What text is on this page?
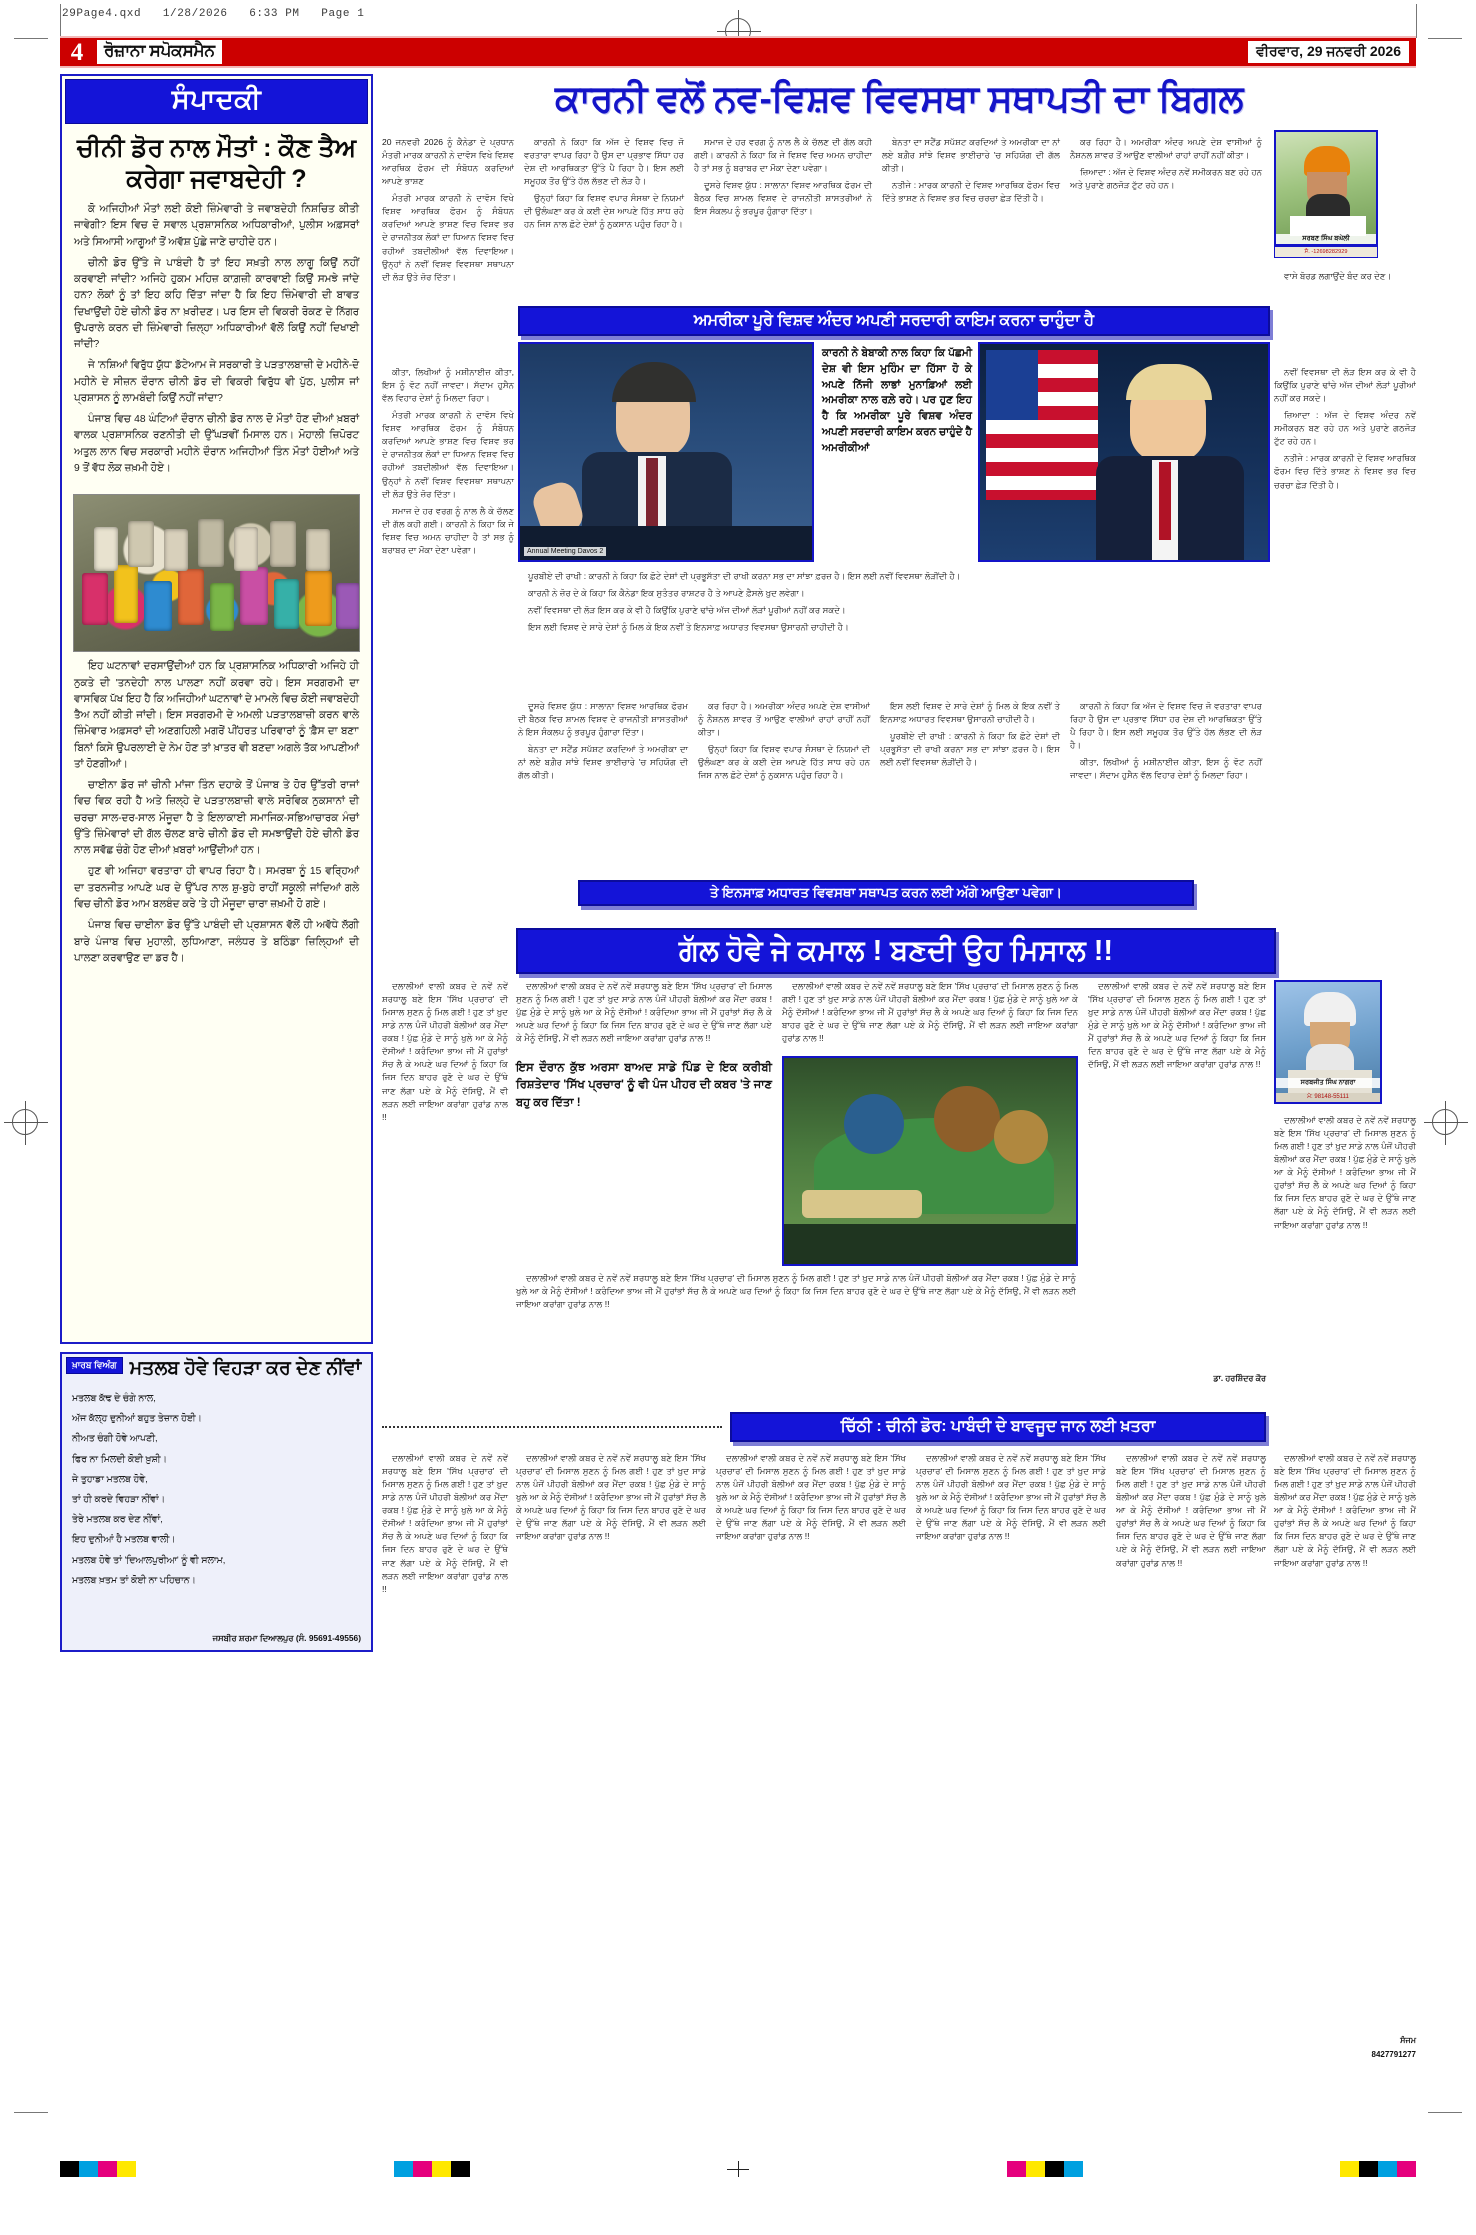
29Page4.qxd   1/28/2026   6:33 PM   Page 1
4	ਰੋਜ਼ਾਨਾ ਸਪੋਕਸਮੈਨ	ਵੀਰਵਾਰ, 29 ਜਨਵਰੀ 2026
ਸੰਪਾਦਕੀ
ਚੀਨੀ ਡੋਰ ਨਾਲ ਮੌਤਾਂ : ਕੌਣ ਤੈਅ ਕਰੇਗਾ ਜਵਾਬਦੇਹੀ ?

ਕੋ ਅਜਿਹੀਆਂ ਮੌਤਾਂ ਲਈ ਕੋਈ ਜ਼ਿੰਮੇਵਾਰੀ ਤੇ ਜਵਾਬਦੇਹੀ ਨਿਸ਼ਚਿਤ ਕੀਤੀ ਜਾਵੇਗੀ? ਇਸ ਵਿਚ ਦੋ ਸਵਾਲ ਪ੍ਰਸ਼ਾਸਨਿਕ ਅਧਿਕਾਰੀਆਂ, ਪੁਲੀਸ ਅਫ਼ਸਰਾਂ ਅਤੇ ਸਿਆਸੀ ਆਗੂਆਂ ਤੋਂ ਅਵੱਸ਼ ਪੁੱਛੇ ਜਾਣੇ ਚਾਹੀਦੇ ਹਨ।

ਚੀਨੀ ਡੋਰ ਉੱਤੇ ਜੇ ਪਾਬੰਦੀ ਹੈ ਤਾਂ ਇਹ ਸਖ਼ਤੀ ਨਾਲ ਲਾਗੂ ਕਿਉਂ ਨਹੀਂ ਕਰਵਾਈ ਜਾਂਦੀ? ਅਜਿਹੇ ਹੁਕਮ ਮਹਿਜ਼ ਕਾਗ਼ਜ਼ੀ ਕਾਰਵਾਈ ਕਿਉਂ ਸਮਝੇ ਜਾਂਦੇ ਹਨ? ਲੋਕਾਂ ਨੂੰ ਤਾਂ ਇਹ ਕਹਿ ਦਿੱਤਾ ਜਾਂਦਾ ਹੈ ਕਿ ਇਹ ਜ਼ਿੰਮੇਵਾਰੀ ਦੀ ਬਾਵਤ ਦਿਖਾਉਂਦੀ ਹੋਏ ਚੀਨੀ ਡੋਰ ਨਾ ਖ਼ਰੀਦਣ। ਪਰ ਇਸ ਦੀ ਵਿਕਰੀ ਰੋਕਣ ਦੇ ਨਿੱਗਰ ਉਪਰਾਲੇ ਕਰਨ ਦੀ ਜ਼ਿੰਮੇਵਾਰੀ ਜ਼ਿਲ੍ਹਾ ਅਧਿਕਾਰੀਆਂ ਵੱਲੋਂ ਕਿਉਂ ਨਹੀਂ ਦਿਖਾਈ ਜਾਂਦੀ?

ਜੇ 'ਨਸ਼ਿਆਂ ਵਿਰੁੱਧ ਯੁੱਧ' ਡੱਟੇਆਮ ਜੇ ਸਰਕਾਰੀ ਤੇ ਪੜਤਾਲਬਾਜ਼ੀ ਦੇ ਮਹੀਨੇ-ਦੋ ਮਹੀਨੇ ਦੇ ਸੀਜ਼ਨ ਦੌਰਾਨ ਚੀਨੀ ਡੋਰ ਦੀ ਵਿਕਰੀ ਵਿਰੁੱਧ ਵੀ ਪੁੱਠ, ਪੁਲੀਸ ਜਾਂ ਪ੍ਰਸ਼ਾਸਨ ਨੂੰ ਲਾਮਬੰਦੀ ਕਿਉਂ ਨਹੀਂ ਜਾਂਦਾ?

ਪੰਜਾਬ ਵਿਚ 48 ਘੰਟਿਆਂ ਦੌਰਾਨ ਚੀਨੀ ਡੋਰ ਨਾਲ ਦੋ ਮੌਤਾਂ ਹੋਣ ਦੀਆਂ ਖ਼ਬਰਾਂ ਵਾਲਕ ਪ੍ਰਸ਼ਾਸਨਿਕ ਰਣਨੀਤੀ ਦੀ ਉੱਘੜਵੀਂ ਮਿਸਾਲ ਹਨ। ਮੋਹਾਲੀ ਜ਼ਿਪੋਰਟ ਅਤੁਲ ਲਾਨ ਵਿਚ ਸਰਕਾਰੀ ਮਹੀਨੇ ਦੌਰਾਨ ਅਜਿਹੀਆਂ ਤਿੰਨ ਮੌਤਾਂ ਹੋਈਆਂ ਅਤੇ 9 ਤੋਂ ਵੱਧ ਲੋਕ ਜ਼ਖ਼ਮੀ ਹੋਏ।

ਇਹ ਘਟਨਾਵਾਂ ਦਰਸਾਉਂਦੀਆਂ ਹਨ ਕਿ ਪ੍ਰਸ਼ਾਸਨਿਕ ਅਧਿਕਾਰੀ ਅਜਿਹੇ ਹੀ ਨੁਕਤੇ ਦੀ 'ਤਨਦੇਹੀ' ਨਾਲ ਪਾਲਣਾ ਨਹੀਂ ਕਰਵਾ ਰਹੇ। ਇਸ ਸਰਗਰਮੀ ਦਾ ਵਾਸਵਿਕ ਪੱਖ ਇਹ ਹੈ ਕਿ ਅਜਿਹੀਆਂ ਘਟਨਾਵਾਂ ਦੇ ਮਾਮਲੇ ਵਿਚ ਕੋਈ ਜਵਾਬਦੇਹੀ ਤੈਅ ਨਹੀਂ ਕੀਤੀ ਜਾਂਦੀ। ਇਸ ਸਰਗਰਮੀ ਦੇ ਅਮਲੀ ਪੜਤਾਲਬਾਜ਼ੀ ਕਰਨ ਵਾਲੇ ਜ਼ਿੰਮੇਵਾਰ ਅਫ਼ਸਰਾਂ ਦੀ ਅਣਗਹਿਲੀ ਮਗਰੋਂ ਪੀਂਹਰਤ ਪਰਿਵਾਰਾਂ ਨੂੰ 'ਫ਼ੈਸ ਦਾ ਬਣਾ' ਬਿਨਾਂ ਕਿਸੇ ਉਪਰਲਾਈ ਦੇ ਨੇਮ ਹੋਣ ਤਾਂ ਖ਼ਾਤਰ ਵੀ ਬਣਦਾ ਅਗਲੇ ਤੱਕ ਆਪਣੀਆਂ ਤਾਂ ਹੋਣਗੀਆਂ।

ਚਾਈਨਾ ਡੋਰ ਜਾਂ ਚੀਨੀ ਮਾਂਜਾ ਤਿੰਨ ਦਹਾਕੇ ਤੋਂ ਪੰਜਾਬ ਤੇ ਹੋਰ ਉੱਤਰੀ ਰਾਜਾਂ ਵਿਚ ਵਿਕ ਰਹੀ ਹੈ ਅਤੇ ਜ਼ਿਲ੍ਹੇ ਦੇ ਪੜਤਾਲਬਾਜ਼ੀ ਵਾਲੇ ਸਰੋਵਿਕ ਨੁਕਸਾਨਾਂ ਦੀ ਚਰਚਾ ਸਾਲ-ਦਰ-ਸਾਲ ਮੌਜੂਦਾ ਹੈ ਤੇ ਇਲਾਕਾਈ ਸਮਾਜਿਕ-ਸਭਿਆਚਾਰਕ ਮੰਚਾਂ ਉੱਤੇ ਜ਼ਿੰਮੇਵਾਰਾਂ ਦੀ ਗੱਲ ਚੱਲਣ ਬਾਰੇ ਚੀਨੀ ਡੋਰ ਦੀ ਸਮਝਾਉਂਦੀ ਹੋਏ ਚੀਨੀ ਡੋਰ ਨਾਲ ਸਵੱਛ ਚੰਗੇ ਹੋਣ ਦੀਆਂ ਖ਼ਬਰਾਂ ਆਉਂਦੀਆਂ ਹਨ।

ਹੁਣ ਵੀ ਅਜਿਹਾ ਵਰਤਾਰਾ ਹੀ ਵਾਪਰ ਰਿਹਾ ਹੈ। ਸਮਰਥਾ ਨੂੰ 15 ਵਰ੍ਹਿਆਂ ਦਾ ਤਰਨਜੀਤ ਆਪਣੇ ਘਰ ਦੇ ਉੱਪਰ ਨਾਲ ਸ਼ੁ-ਬੁਹੇ ਰਾਹੀਂ ਸਕੂਲੀ ਜਾਂਦਿਆਂ ਗਲੇ ਵਿਚ ਚੀਨੀ ਡੋਰ ਆਮ ਬਲਬੰਦ ਕਰੇ 'ਤੇ ਹੀ ਮੌਜੂਦਾ ਚਾਰਾ ਜ਼ਖ਼ਮੀ ਹੋ ਗਏ।

ਪੰਜਾਬ ਵਿਚ ਚਾਈਨਾ ਡੋਰ ਉੱਤੇ ਪਾਬੰਦੀ ਦੀ ਪ੍ਰਸ਼ਾਸਨ ਵੱਲੋਂ ਹੀ ਅਵੱਧੇ ਲੱਗੀ ਬਾਰੇ ਪੰਜਾਬ ਵਿਚ ਮੁਹਾਲੀ, ਲੁਧਿਆਣਾ, ਜਲੰਧਰ ਤੇ ਬਠਿੰਡਾ ਜ਼ਿਲ੍ਹਿਆਂ ਦੀ ਪਾਲਣਾ ਕਰਵਾਉਣ ਦਾ ਡਰ ਹੈ।

ਖ਼ਾਰਬ ਵਿਅੰਗ ਮਤਲਬ ਹੋਵੇ ਵਿਹੜਾ ਕਰ ਦੇਣ ਨੀਂਵਾਂ

ਮਤਲਬ ਕੱਢ ਦੇ ਚੰਗੇ ਨਾਲ,

ਅੱਜ ਕੱਲ੍ਹ ਦੁਨੀਆਂ ਬਹੁਤ ਤੇਜ਼ਾਨ ਹੋਈ।

ਨੀਅਤ ਚੰਗੀ ਹੋਵੇ ਆਪਣੀ,

ਫਿਰ ਨਾ ਮਿਲਦੀ ਕੋਈ ਖ਼ੁਸ਼ੀ।

ਜੇ ਤੁਹਾਡਾ ਮਤਲਬ ਹੋਵੇ,

ਤਾਂ ਹੀ ਕਰਦੇ ਵਿਹੜਾ ਨੀਂਵਾਂ।

ਤੇਰੇ ਮਤਲਬ ਕਰ ਦੇਣ ਨੀਂਵਾਂ,

ਇਹ ਦੁਨੀਆਂ ਹੈ ਮਤਲਬ ਵਾਲੀ।

ਮਤਲਬ ਹੋਵੇ ਤਾਂ 'ਦਿਆਲਪੁਰੀਆ' ਨੂੰ ਵੀ ਸਲਾਮ,

ਮਤਲਬ ਖ਼ਤਮ ਤਾਂ ਕੋਈ ਨਾ ਪਹਿਚਾਨ।

ਜਸਬੀਰ ਸ਼ਰਮਾ ਦਿਆਲਪੁਰ (ਸੰ. 95691-49556)
ਕਾਰਨੀ ਵਲੋਂ ਨਵ-ਵਿਸ਼ਵ ਵਿਵਸਥਾ ਸਥਾਪਤੀ ਦਾ ਬਿਗਲ
ਸਰਬਣ ਸਿੰਘ ਬਘੇਲੀ
ਸੰ. -12698282929

20 ਜਨਵਰੀ 2026 ਨੂੰ ਕੈਨੇਡਾ ਦੇ ਪ੍ਰਧਾਨ ਮੰਤਰੀ ਮਾਰਕ ਕਾਰਨੀ ਨੇ ਦਾਵੋਸ ਵਿਖੇ ਵਿਸ਼ਵ ਆਰਥਿਕ ਫੋਰਮ ਦੀ ਸੰਬੋਧਨ ਕਰਦਿਆਂ ਆਪਣੇ ਭਾਸ਼ਣ

ਮੰਤਰੀ ਮਾਰਕ ਕਾਰਨੀ ਨੇ ਦਾਵੋਸ ਵਿਖੇ ਵਿਸ਼ਵ ਆਰਥਿਕ ਫੋਰਮ ਨੂੰ ਸੰਬੋਧਨ ਕਰਦਿਆਂ ਆਪਣੇ ਭਾਸ਼ਣ ਵਿਚ ਵਿਸ਼ਵ ਭਰ ਦੇ ਰਾਜਨੀਤਕ ਲੋਕਾਂ ਦਾ ਧਿਆਨ ਵਿਸ਼ਵ ਵਿਚ ਰਹੀਆਂ ਤਬਦੀਲੀਆਂ ਵੱਲ ਦਿਵਾਇਆ। ਉਨ੍ਹਾਂ ਨੇ ਨਵੀਂ ਵਿਸ਼ਵ ਵਿਵਸਥਾ ਸਥਾਪਨਾ ਦੀ ਲੋੜ ਉਤੇ ਜ਼ੋਰ ਦਿੱਤਾ।

ਕਾਰਨੀ ਨੇ ਕਿਹਾ ਕਿ ਅੱਜ ਦੇ ਵਿਸ਼ਵ ਵਿਚ ਜੋ ਵਰਤਾਰਾ ਵਾਪਰ ਰਿਹਾ ਹੈ ਉਸ ਦਾ ਪ੍ਰਭਾਵ ਸਿੱਧਾ ਹਰ ਦੇਸ਼ ਦੀ ਆਰਥਿਕਤਾ ਉੱਤੇ ਪੈ ਰਿਹਾ ਹੈ। ਇਸ ਲਈ ਸਮੂਹਕ ਤੌਰ ਉੱਤੇ ਹੱਲ ਲੱਭਣ ਦੀ ਲੋੜ ਹੈ।

ਉਨ੍ਹਾਂ ਕਿਹਾ ਕਿ ਵਿਸ਼ਵ ਵਪਾਰ ਸੰਸਥਾ ਦੇ ਨਿਯਮਾਂ ਦੀ ਉਲੰਘਣਾ ਕਰ ਕੇ ਕਈ ਦੇਸ਼ ਆਪਣੇ ਹਿੱਤ ਸਾਧ ਰਹੇ ਹਨ ਜਿਸ ਨਾਲ ਛੋਟੇ ਦੇਸ਼ਾਂ ਨੂੰ ਨੁਕਸਾਨ ਪਹੁੰਚ ਰਿਹਾ ਹੈ।

ਸਮਾਜ ਦੇ ਹਰ ਵਰਗ ਨੂੰ ਨਾਲ ਲੈ ਕੇ ਚੱਲਣ ਦੀ ਗੱਲ ਕਹੀ ਗਈ। ਕਾਰਨੀ ਨੇ ਕਿਹਾ ਕਿ ਜੇ ਵਿਸ਼ਵ ਵਿਚ ਅਮਨ ਚਾਹੀਦਾ ਹੈ ਤਾਂ ਸਭ ਨੂੰ ਬਰਾਬਰ ਦਾ ਮੌਕਾ ਦੇਣਾ ਪਵੇਗਾ।

ਦੂਸਰੇ ਵਿਸ਼ਵ ਯੁੱਧ : ਸਾਲਾਨਾ ਵਿਸ਼ਵ ਆਰਥਿਕ ਫੋਰਮ ਦੀ ਬੈਠਕ ਵਿਚ ਸ਼ਾਮਲ ਵਿਸ਼ਵ ਦੇ ਰਾਜਨੀਤੀ ਸ਼ਾਸਤਰੀਆਂ ਨੇ ਇਸ ਸੰਕਲਪ ਨੂੰ ਭਰਪੂਰ ਹੁੰਗਾਰਾ ਦਿੱਤਾ।

ਬੇਨਤਾ ਦਾ ਸਟੈਂਡ ਸਪੱਸ਼ਟ ਕਰਦਿਆਂ ਤੇ ਅਮਰੀਕਾ ਦਾ ਨਾਂ ਲਏ ਬਗ਼ੈਰ ਸਾਂਝੇ ਵਿਸ਼ਵ ਭਾਈਚਾਰੇ 'ਚ ਸਹਿਯੋਗ ਦੀ ਗੱਲ ਕੀਤੀ।

ਨਤੀਜੇ : ਮਾਰਕ ਕਾਰਨੀ ਦੇ ਵਿਸ਼ਵ ਆਰਥਿਕ ਫੋਰਮ ਵਿਚ ਦਿੱਤੇ ਭਾਸ਼ਣ ਨੇ ਵਿਸ਼ਵ ਭਰ ਵਿਚ ਚਰਚਾ ਛੇੜ ਦਿੱਤੀ ਹੈ।

ਕਰ ਰਿਹਾ ਹੈ। ਅਮਰੀਕਾ ਅੰਦਰ ਅਪਣੇ ਦੇਸ਼ ਵਾਸੀਆਂ ਨੂੰ ਨੈਸ਼ਨਲ ਸ਼ਾਵਰ ਤੋਂ ਆਉਣ ਵਾਲੀਆਂ ਰਾਹਾਂ ਰਾਹੀਂ ਨਹੀਂ ਕੀਤਾ।

ਜ਼ਿਆਦਾ : ਅੱਜ ਦੇ ਵਿਸ਼ਵ ਅੰਦਰ ਨਵੇਂ ਸਮੀਕਰਨ ਬਣ ਰਹੇ ਹਨ ਅਤੇ ਪੁਰਾਣੇ ਗਠਜੋੜ ਟੁੱਟ ਰਹੇ ਹਨ।

ਵਾਸੇ ਬੋਰਡ ਲਗਾਉਂਦੇ ਬੰਦ ਕਰ ਦੇਣ।

ਅਮਰੀਕਾ ਪੂਰੇ ਵਿਸ਼ਵ ਅੰਦਰ ਅਪਣੀ ਸਰਦਾਰੀ ਕਾਇਮ ਕਰਨਾ ਚਾਹੁੰਦਾ ਹੈ
Annual Meeting Davos 2

ਕਾਰਨੀ ਨੇ ਬੇਬਾਕੀ ਨਾਲ ਕਿਹਾ ਕਿ ਪੱਛਮੀ ਦੇਸ਼ ਵੀ ਇਸ ਮੁਹਿੰਮ ਦਾ ਹਿੱਸਾ ਹੋ ਕੇ ਅਪਣੇ ਨਿੱਜੀ ਲਾਭਾਂ ਮੁਨਾਫ਼ਿਆਂ ਲਈ ਅਮਰੀਕਾ ਨਾਲ ਰਲ਼ੇ ਰਹੇ। ਪਰ ਹੁਣ ਇਹ ਹੈ ਕਿ ਅਮਰੀਕਾ ਪੂਰੇ ਵਿਸ਼ਵ ਅੰਦਰ ਅਪਣੀ ਸਰਦਾਰੀ ਕਾਇਮ ਕਰਨ ਚਾਹੁੰਦੇ ਹੈ ਅਮਰੀਕੀਆਂ

ਪੂਰਬੀਏ ਦੀ ਰਾਖੀ : ਕਾਰਨੀ ਨੇ ਕਿਹਾ ਕਿ ਛੋਟੇ ਦੇਸ਼ਾਂ ਦੀ ਪ੍ਰਭੂਸੱਤਾ ਦੀ ਰਾਖੀ ਕਰਨਾ ਸਭ ਦਾ ਸਾਂਝਾ ਫ਼ਰਜ਼ ਹੈ। ਇਸ ਲਈ ਨਵੀਂ ਵਿਵਸਥਾ ਲੋੜੀਂਦੀ ਹੈ।

ਕਾਰਨੀ ਨੇ ਜ਼ੋਰ ਦੇ ਕੇ ਕਿਹਾ ਕਿ ਕੈਨੇਡਾ ਇਕ ਸੁਤੰਤਰ ਰਾਸ਼ਟਰ ਹੈ ਤੇ ਆਪਣੇ ਫ਼ੈਸਲੇ ਖ਼ੁਦ ਲਵੇਗਾ।

ਨਵੀਂ ਵਿਵਸਥਾ ਦੀ ਲੋੜ ਇਸ ਕਰ ਕੇ ਵੀ ਹੈ ਕਿਉਂਕਿ ਪੁਰਾਣੇ ਢਾਂਚੇ ਅੱਜ ਦੀਆਂ ਲੋੜਾਂ ਪੂਰੀਆਂ ਨਹੀਂ ਕਰ ਸਕਦੇ।

ਇਸ ਲਈ ਵਿਸ਼ਵ ਦੇ ਸਾਰੇ ਦੇਸ਼ਾਂ ਨੂੰ ਮਿਲ ਕੇ ਇਕ ਨਵੀਂ ਤੇ ਇਨਸਾਫ਼ ਅਧਾਰਤ ਵਿਵਸਥਾ ਉਸਾਰਨੀ ਚਾਹੀਦੀ ਹੈ।

ਕੀਤਾ, ਲਿਖੀਆਂ ਨੂੰ ਮਸ਼ੀਨਾਈਜ਼ ਕੀਤਾ, ਇਸ ਨੂੰ ਵੋਟ ਨਹੀਂ ਜਾਵਦਾ। ਸੱਦਾਮ ਹੁਸੈਨ ਵੱਲ ਵਿਹਾਰ ਦੇਸ਼ਾਂ ਨੂੰ ਮਿਲਦਾ ਰਿਹਾ।

ਮੰਤਰੀ ਮਾਰਕ ਕਾਰਨੀ ਨੇ ਦਾਵੋਸ ਵਿਖੇ ਵਿਸ਼ਵ ਆਰਥਿਕ ਫੋਰਮ ਨੂੰ ਸੰਬੋਧਨ ਕਰਦਿਆਂ ਆਪਣੇ ਭਾਸ਼ਣ ਵਿਚ ਵਿਸ਼ਵ ਭਰ ਦੇ ਰਾਜਨੀਤਕ ਲੋਕਾਂ ਦਾ ਧਿਆਨ ਵਿਸ਼ਵ ਵਿਚ ਰਹੀਆਂ ਤਬਦੀਲੀਆਂ ਵੱਲ ਦਿਵਾਇਆ। ਉਨ੍ਹਾਂ ਨੇ ਨਵੀਂ ਵਿਸ਼ਵ ਵਿਵਸਥਾ ਸਥਾਪਨਾ ਦੀ ਲੋੜ ਉਤੇ ਜ਼ੋਰ ਦਿੱਤਾ।

ਸਮਾਜ ਦੇ ਹਰ ਵਰਗ ਨੂੰ ਨਾਲ ਲੈ ਕੇ ਚੱਲਣ ਦੀ ਗੱਲ ਕਹੀ ਗਈ। ਕਾਰਨੀ ਨੇ ਕਿਹਾ ਕਿ ਜੇ ਵਿਸ਼ਵ ਵਿਚ ਅਮਨ ਚਾਹੀਦਾ ਹੈ ਤਾਂ ਸਭ ਨੂੰ ਬਰਾਬਰ ਦਾ ਮੌਕਾ ਦੇਣਾ ਪਵੇਗਾ।

ਨਵੀਂ ਵਿਵਸਥਾ ਦੀ ਲੋੜ ਇਸ ਕਰ ਕੇ ਵੀ ਹੈ ਕਿਉਂਕਿ ਪੁਰਾਣੇ ਢਾਂਚੇ ਅੱਜ ਦੀਆਂ ਲੋੜਾਂ ਪੂਰੀਆਂ ਨਹੀਂ ਕਰ ਸਕਦੇ।

ਜ਼ਿਆਦਾ : ਅੱਜ ਦੇ ਵਿਸ਼ਵ ਅੰਦਰ ਨਵੇਂ ਸਮੀਕਰਨ ਬਣ ਰਹੇ ਹਨ ਅਤੇ ਪੁਰਾਣੇ ਗਠਜੋੜ ਟੁੱਟ ਰਹੇ ਹਨ।

ਨਤੀਜੇ : ਮਾਰਕ ਕਾਰਨੀ ਦੇ ਵਿਸ਼ਵ ਆਰਥਿਕ ਫੋਰਮ ਵਿਚ ਦਿੱਤੇ ਭਾਸ਼ਣ ਨੇ ਵਿਸ਼ਵ ਭਰ ਵਿਚ ਚਰਚਾ ਛੇੜ ਦਿੱਤੀ ਹੈ।

ਦੂਸਰੇ ਵਿਸ਼ਵ ਯੁੱਧ : ਸਾਲਾਨਾ ਵਿਸ਼ਵ ਆਰਥਿਕ ਫੋਰਮ ਦੀ ਬੈਠਕ ਵਿਚ ਸ਼ਾਮਲ ਵਿਸ਼ਵ ਦੇ ਰਾਜਨੀਤੀ ਸ਼ਾਸਤਰੀਆਂ ਨੇ ਇਸ ਸੰਕਲਪ ਨੂੰ ਭਰਪੂਰ ਹੁੰਗਾਰਾ ਦਿੱਤਾ।

ਬੇਨਤਾ ਦਾ ਸਟੈਂਡ ਸਪੱਸ਼ਟ ਕਰਦਿਆਂ ਤੇ ਅਮਰੀਕਾ ਦਾ ਨਾਂ ਲਏ ਬਗ਼ੈਰ ਸਾਂਝੇ ਵਿਸ਼ਵ ਭਾਈਚਾਰੇ 'ਚ ਸਹਿਯੋਗ ਦੀ ਗੱਲ ਕੀਤੀ।

ਕਰ ਰਿਹਾ ਹੈ। ਅਮਰੀਕਾ ਅੰਦਰ ਅਪਣੇ ਦੇਸ਼ ਵਾਸੀਆਂ ਨੂੰ ਨੈਸ਼ਨਲ ਸ਼ਾਵਰ ਤੋਂ ਆਉਣ ਵਾਲੀਆਂ ਰਾਹਾਂ ਰਾਹੀਂ ਨਹੀਂ ਕੀਤਾ।

ਉਨ੍ਹਾਂ ਕਿਹਾ ਕਿ ਵਿਸ਼ਵ ਵਪਾਰ ਸੰਸਥਾ ਦੇ ਨਿਯਮਾਂ ਦੀ ਉਲੰਘਣਾ ਕਰ ਕੇ ਕਈ ਦੇਸ਼ ਆਪਣੇ ਹਿੱਤ ਸਾਧ ਰਹੇ ਹਨ ਜਿਸ ਨਾਲ ਛੋਟੇ ਦੇਸ਼ਾਂ ਨੂੰ ਨੁਕਸਾਨ ਪਹੁੰਚ ਰਿਹਾ ਹੈ।

ਇਸ ਲਈ ਵਿਸ਼ਵ ਦੇ ਸਾਰੇ ਦੇਸ਼ਾਂ ਨੂੰ ਮਿਲ ਕੇ ਇਕ ਨਵੀਂ ਤੇ ਇਨਸਾਫ਼ ਅਧਾਰਤ ਵਿਵਸਥਾ ਉਸਾਰਨੀ ਚਾਹੀਦੀ ਹੈ।

ਪੂਰਬੀਏ ਦੀ ਰਾਖੀ : ਕਾਰਨੀ ਨੇ ਕਿਹਾ ਕਿ ਛੋਟੇ ਦੇਸ਼ਾਂ ਦੀ ਪ੍ਰਭੂਸੱਤਾ ਦੀ ਰਾਖੀ ਕਰਨਾ ਸਭ ਦਾ ਸਾਂਝਾ ਫ਼ਰਜ਼ ਹੈ। ਇਸ ਲਈ ਨਵੀਂ ਵਿਵਸਥਾ ਲੋੜੀਂਦੀ ਹੈ।

ਕਾਰਨੀ ਨੇ ਕਿਹਾ ਕਿ ਅੱਜ ਦੇ ਵਿਸ਼ਵ ਵਿਚ ਜੋ ਵਰਤਾਰਾ ਵਾਪਰ ਰਿਹਾ ਹੈ ਉਸ ਦਾ ਪ੍ਰਭਾਵ ਸਿੱਧਾ ਹਰ ਦੇਸ਼ ਦੀ ਆਰਥਿਕਤਾ ਉੱਤੇ ਪੈ ਰਿਹਾ ਹੈ। ਇਸ ਲਈ ਸਮੂਹਕ ਤੌਰ ਉੱਤੇ ਹੱਲ ਲੱਭਣ ਦੀ ਲੋੜ ਹੈ।

ਕੀਤਾ, ਲਿਖੀਆਂ ਨੂੰ ਮਸ਼ੀਨਾਈਜ਼ ਕੀਤਾ, ਇਸ ਨੂੰ ਵੋਟ ਨਹੀਂ ਜਾਵਦਾ। ਸੱਦਾਮ ਹੁਸੈਨ ਵੱਲ ਵਿਹਾਰ ਦੇਸ਼ਾਂ ਨੂੰ ਮਿਲਦਾ ਰਿਹਾ।

ਤੇ ਇਨਸਾਫ਼ ਅਧਾਰਤ ਵਿਵਸਥਾ ਸਥਾਪਤ ਕਰਨ ਲਈ ਅੱਗੇ ਆਉਣਾ ਪਵੇਗਾ।
ਗੱਲ ਹੋਵੇ ਜੇ ਕਮਾਲ ! ਬਣਦੀ ਉਹ ਮਿਸਾਲ !!
ਸਰਬਜੀਤ ਸਿੰਘ ਨਾਗਰਾ
ਮੋ: 98148-55111

ਇਸ ਦੌਰਾਨ ਕੁੱਝ ਅਰਸਾ ਬਾਅਦ ਸਾਡੇ ਪਿੰਡ ਦੇ ਇਕ ਕਰੀਬੀ ਰਿਸ਼ਤੇਦਾਰ 'ਸਿੱਖ ਪ੍ਰਚਾਰ' ਨੂੰ ਵੀ ਪੰਜ ਪੀਹਰ ਦੀ ਕਬਰ 'ਤੇ ਜਾਣ ਬਹੁ ਕਰ ਦਿੱਤਾ !

ਦਲਾਲੀਆਂ ਵਾਲੀ ਕਬਰ ਦੇ ਨਵੇਂ ਨਵੇਂ ਸ਼ਰਧਾਲੂ ਬਣੇ ਇਸ 'ਸਿੱਖ ਪ੍ਰਚਾਰ' ਦੀ ਮਿਸਾਲ ਸੁਣਨ ਨੂੰ ਮਿਲ ਗਈ ! ਹੁਣ ਤਾਂ ਖ਼ੁਦ ਸਾਡੇ ਨਾਲ ਪੰਜੋਂ ਪੀਹਰੀ ਬੋਲੀਆਂ ਕਰ ਮੈਂਦਾ ਰਕਬ ! ਪੁੱਛ ਮੁੰਡੇ ਦੇ ਸਾਨੂੰ ਖੁਲੇ ਆ ਕੇ ਮੈਨੂੰ ਦੱਸੀਆਂ ! ਕਰੰਦਿਆ ਭਾਅ ਜੀ ਮੈਂ ਹੁਰਾਂਭਾਂ ਸੱਚ ਲੈ ਕੇ ਅਪਣੇ ਘਰ ਦਿਆਂ ਨੂੰ ਕਿਹਾ ਕਿ ਜਿਸ ਦਿਨ ਬਾਹਰ ਰੁਣੋ ਦੇ ਘਰ ਦੇ ਉੱਥੇ ਜਾਣ ਲੱਗਾ ਪਏ ਕੇ ਮੈਨੂੰ ਦੱਸਿਉ, ਮੈਂ ਵੀ ਲੜਨ ਲਈ ਜਾਇਆ ਕਰਾਂਗਾ ਹੁਰਾਂਡ ਨਾਲ !!

ਦਲਾਲੀਆਂ ਵਾਲੀ ਕਬਰ ਦੇ ਨਵੇਂ ਨਵੇਂ ਸ਼ਰਧਾਲੂ ਬਣੇ ਇਸ 'ਸਿੱਖ ਪ੍ਰਚਾਰ' ਦੀ ਮਿਸਾਲ ਸੁਣਨ ਨੂੰ ਮਿਲ ਗਈ ! ਹੁਣ ਤਾਂ ਖ਼ੁਦ ਸਾਡੇ ਨਾਲ ਪੰਜੋਂ ਪੀਹਰੀ ਬੋਲੀਆਂ ਕਰ ਮੈਂਦਾ ਰਕਬ ! ਪੁੱਛ ਮੁੰਡੇ ਦੇ ਸਾਨੂੰ ਖੁਲੇ ਆ ਕੇ ਮੈਨੂੰ ਦੱਸੀਆਂ ! ਕਰੰਦਿਆ ਭਾਅ ਜੀ ਮੈਂ ਹੁਰਾਂਭਾਂ ਸੱਚ ਲੈ ਕੇ ਅਪਣੇ ਘਰ ਦਿਆਂ ਨੂੰ ਕਿਹਾ ਕਿ ਜਿਸ ਦਿਨ ਬਾਹਰ ਰੁਣੋ ਦੇ ਘਰ ਦੇ ਉੱਥੇ ਜਾਣ ਲੱਗਾ ਪਏ ਕੇ ਮੈਨੂੰ ਦੱਸਿਉ, ਮੈਂ ਵੀ ਲੜਨ ਲਈ ਜਾਇਆ ਕਰਾਂਗਾ ਹੁਰਾਂਡ ਨਾਲ !!

ਦਲਾਲੀਆਂ ਵਾਲੀ ਕਬਰ ਦੇ ਨਵੇਂ ਨਵੇਂ ਸ਼ਰਧਾਲੂ ਬਣੇ ਇਸ 'ਸਿੱਖ ਪ੍ਰਚਾਰ' ਦੀ ਮਿਸਾਲ ਸੁਣਨ ਨੂੰ ਮਿਲ ਗਈ ! ਹੁਣ ਤਾਂ ਖ਼ੁਦ ਸਾਡੇ ਨਾਲ ਪੰਜੋਂ ਪੀਹਰੀ ਬੋਲੀਆਂ ਕਰ ਮੈਂਦਾ ਰਕਬ ! ਪੁੱਛ ਮੁੰਡੇ ਦੇ ਸਾਨੂੰ ਖੁਲੇ ਆ ਕੇ ਮੈਨੂੰ ਦੱਸੀਆਂ ! ਕਰੰਦਿਆ ਭਾਅ ਜੀ ਮੈਂ ਹੁਰਾਂਭਾਂ ਸੱਚ ਲੈ ਕੇ ਅਪਣੇ ਘਰ ਦਿਆਂ ਨੂੰ ਕਿਹਾ ਕਿ ਜਿਸ ਦਿਨ ਬਾਹਰ ਰੁਣੋ ਦੇ ਘਰ ਦੇ ਉੱਥੇ ਜਾਣ ਲੱਗਾ ਪਏ ਕੇ ਮੈਨੂੰ ਦੱਸਿਉ, ਮੈਂ ਵੀ ਲੜਨ ਲਈ ਜਾਇਆ ਕਰਾਂਗਾ ਹੁਰਾਂਡ ਨਾਲ !!

ਦਲਾਲੀਆਂ ਵਾਲੀ ਕਬਰ ਦੇ ਨਵੇਂ ਨਵੇਂ ਸ਼ਰਧਾਲੂ ਬਣੇ ਇਸ 'ਸਿੱਖ ਪ੍ਰਚਾਰ' ਦੀ ਮਿਸਾਲ ਸੁਣਨ ਨੂੰ ਮਿਲ ਗਈ ! ਹੁਣ ਤਾਂ ਖ਼ੁਦ ਸਾਡੇ ਨਾਲ ਪੰਜੋਂ ਪੀਹਰੀ ਬੋਲੀਆਂ ਕਰ ਮੈਂਦਾ ਰਕਬ ! ਪੁੱਛ ਮੁੰਡੇ ਦੇ ਸਾਨੂੰ ਖੁਲੇ ਆ ਕੇ ਮੈਨੂੰ ਦੱਸੀਆਂ ! ਕਰੰਦਿਆ ਭਾਅ ਜੀ ਮੈਂ ਹੁਰਾਂਭਾਂ ਸੱਚ ਲੈ ਕੇ ਅਪਣੇ ਘਰ ਦਿਆਂ ਨੂੰ ਕਿਹਾ ਕਿ ਜਿਸ ਦਿਨ ਬਾਹਰ ਰੁਣੋ ਦੇ ਘਰ ਦੇ ਉੱਥੇ ਜਾਣ ਲੱਗਾ ਪਏ ਕੇ ਮੈਨੂੰ ਦੱਸਿਉ, ਮੈਂ ਵੀ ਲੜਨ ਲਈ ਜਾਇਆ ਕਰਾਂਗਾ ਹੁਰਾਂਡ ਨਾਲ !!

ਦਲਾਲੀਆਂ ਵਾਲੀ ਕਬਰ ਦੇ ਨਵੇਂ ਨਵੇਂ ਸ਼ਰਧਾਲੂ ਬਣੇ ਇਸ 'ਸਿੱਖ ਪ੍ਰਚਾਰ' ਦੀ ਮਿਸਾਲ ਸੁਣਨ ਨੂੰ ਮਿਲ ਗਈ ! ਹੁਣ ਤਾਂ ਖ਼ੁਦ ਸਾਡੇ ਨਾਲ ਪੰਜੋਂ ਪੀਹਰੀ ਬੋਲੀਆਂ ਕਰ ਮੈਂਦਾ ਰਕਬ ! ਪੁੱਛ ਮੁੰਡੇ ਦੇ ਸਾਨੂੰ ਖੁਲੇ ਆ ਕੇ ਮੈਨੂੰ ਦੱਸੀਆਂ ! ਕਰੰਦਿਆ ਭਾਅ ਜੀ ਮੈਂ ਹੁਰਾਂਭਾਂ ਸੱਚ ਲੈ ਕੇ ਅਪਣੇ ਘਰ ਦਿਆਂ ਨੂੰ ਕਿਹਾ ਕਿ ਜਿਸ ਦਿਨ ਬਾਹਰ ਰੁਣੋ ਦੇ ਘਰ ਦੇ ਉੱਥੇ ਜਾਣ ਲੱਗਾ ਪਏ ਕੇ ਮੈਨੂੰ ਦੱਸਿਉ, ਮੈਂ ਵੀ ਲੜਨ ਲਈ ਜਾਇਆ ਕਰਾਂਗਾ ਹੁਰਾਂਡ ਨਾਲ !!

ਦਲਾਲੀਆਂ ਵਾਲੀ ਕਬਰ ਦੇ ਨਵੇਂ ਨਵੇਂ ਸ਼ਰਧਾਲੂ ਬਣੇ ਇਸ 'ਸਿੱਖ ਪ੍ਰਚਾਰ' ਦੀ ਮਿਸਾਲ ਸੁਣਨ ਨੂੰ ਮਿਲ ਗਈ ! ਹੁਣ ਤਾਂ ਖ਼ੁਦ ਸਾਡੇ ਨਾਲ ਪੰਜੋਂ ਪੀਹਰੀ ਬੋਲੀਆਂ ਕਰ ਮੈਂਦਾ ਰਕਬ ! ਪੁੱਛ ਮੁੰਡੇ ਦੇ ਸਾਨੂੰ ਖੁਲੇ ਆ ਕੇ ਮੈਨੂੰ ਦੱਸੀਆਂ ! ਕਰੰਦਿਆ ਭਾਅ ਜੀ ਮੈਂ ਹੁਰਾਂਭਾਂ ਸੱਚ ਲੈ ਕੇ ਅਪਣੇ ਘਰ ਦਿਆਂ ਨੂੰ ਕਿਹਾ ਕਿ ਜਿਸ ਦਿਨ ਬਾਹਰ ਰੁਣੋ ਦੇ ਘਰ ਦੇ ਉੱਥੇ ਜਾਣ ਲੱਗਾ ਪਏ ਕੇ ਮੈਨੂੰ ਦੱਸਿਉ, ਮੈਂ ਵੀ ਲੜਨ ਲਈ ਜਾਇਆ ਕਰਾਂਗਾ ਹੁਰਾਂਡ ਨਾਲ !!

ਡਾ. ਹਰਸ਼ਿੰਦਰ ਕੌਰ
ਚਿੱਠੀ : ਚੀਨੀ ਡੋਰ: ਪਾਬੰਦੀ ਦੇ ਬਾਵਜੂਦ ਜਾਨ ਲਈ ਖ਼ਤਰਾ

ਦਲਾਲੀਆਂ ਵਾਲੀ ਕਬਰ ਦੇ ਨਵੇਂ ਨਵੇਂ ਸ਼ਰਧਾਲੂ ਬਣੇ ਇਸ 'ਸਿੱਖ ਪ੍ਰਚਾਰ' ਦੀ ਮਿਸਾਲ ਸੁਣਨ ਨੂੰ ਮਿਲ ਗਈ ! ਹੁਣ ਤਾਂ ਖ਼ੁਦ ਸਾਡੇ ਨਾਲ ਪੰਜੋਂ ਪੀਹਰੀ ਬੋਲੀਆਂ ਕਰ ਮੈਂਦਾ ਰਕਬ ! ਪੁੱਛ ਮੁੰਡੇ ਦੇ ਸਾਨੂੰ ਖੁਲੇ ਆ ਕੇ ਮੈਨੂੰ ਦੱਸੀਆਂ ! ਕਰੰਦਿਆ ਭਾਅ ਜੀ ਮੈਂ ਹੁਰਾਂਭਾਂ ਸੱਚ ਲੈ ਕੇ ਅਪਣੇ ਘਰ ਦਿਆਂ ਨੂੰ ਕਿਹਾ ਕਿ ਜਿਸ ਦਿਨ ਬਾਹਰ ਰੁਣੋ ਦੇ ਘਰ ਦੇ ਉੱਥੇ ਜਾਣ ਲੱਗਾ ਪਏ ਕੇ ਮੈਨੂੰ ਦੱਸਿਉ, ਮੈਂ ਵੀ ਲੜਨ ਲਈ ਜਾਇਆ ਕਰਾਂਗਾ ਹੁਰਾਂਡ ਨਾਲ !!

ਦਲਾਲੀਆਂ ਵਾਲੀ ਕਬਰ ਦੇ ਨਵੇਂ ਨਵੇਂ ਸ਼ਰਧਾਲੂ ਬਣੇ ਇਸ 'ਸਿੱਖ ਪ੍ਰਚਾਰ' ਦੀ ਮਿਸਾਲ ਸੁਣਨ ਨੂੰ ਮਿਲ ਗਈ ! ਹੁਣ ਤਾਂ ਖ਼ੁਦ ਸਾਡੇ ਨਾਲ ਪੰਜੋਂ ਪੀਹਰੀ ਬੋਲੀਆਂ ਕਰ ਮੈਂਦਾ ਰਕਬ ! ਪੁੱਛ ਮੁੰਡੇ ਦੇ ਸਾਨੂੰ ਖੁਲੇ ਆ ਕੇ ਮੈਨੂੰ ਦੱਸੀਆਂ ! ਕਰੰਦਿਆ ਭਾਅ ਜੀ ਮੈਂ ਹੁਰਾਂਭਾਂ ਸੱਚ ਲੈ ਕੇ ਅਪਣੇ ਘਰ ਦਿਆਂ ਨੂੰ ਕਿਹਾ ਕਿ ਜਿਸ ਦਿਨ ਬਾਹਰ ਰੁਣੋ ਦੇ ਘਰ ਦੇ ਉੱਥੇ ਜਾਣ ਲੱਗਾ ਪਏ ਕੇ ਮੈਨੂੰ ਦੱਸਿਉ, ਮੈਂ ਵੀ ਲੜਨ ਲਈ ਜਾਇਆ ਕਰਾਂਗਾ ਹੁਰਾਂਡ ਨਾਲ !!

ਦਲਾਲੀਆਂ ਵਾਲੀ ਕਬਰ ਦੇ ਨਵੇਂ ਨਵੇਂ ਸ਼ਰਧਾਲੂ ਬਣੇ ਇਸ 'ਸਿੱਖ ਪ੍ਰਚਾਰ' ਦੀ ਮਿਸਾਲ ਸੁਣਨ ਨੂੰ ਮਿਲ ਗਈ ! ਹੁਣ ਤਾਂ ਖ਼ੁਦ ਸਾਡੇ ਨਾਲ ਪੰਜੋਂ ਪੀਹਰੀ ਬੋਲੀਆਂ ਕਰ ਮੈਂਦਾ ਰਕਬ ! ਪੁੱਛ ਮੁੰਡੇ ਦੇ ਸਾਨੂੰ ਖੁਲੇ ਆ ਕੇ ਮੈਨੂੰ ਦੱਸੀਆਂ ! ਕਰੰਦਿਆ ਭਾਅ ਜੀ ਮੈਂ ਹੁਰਾਂਭਾਂ ਸੱਚ ਲੈ ਕੇ ਅਪਣੇ ਘਰ ਦਿਆਂ ਨੂੰ ਕਿਹਾ ਕਿ ਜਿਸ ਦਿਨ ਬਾਹਰ ਰੁਣੋ ਦੇ ਘਰ ਦੇ ਉੱਥੇ ਜਾਣ ਲੱਗਾ ਪਏ ਕੇ ਮੈਨੂੰ ਦੱਸਿਉ, ਮੈਂ ਵੀ ਲੜਨ ਲਈ ਜਾਇਆ ਕਰਾਂਗਾ ਹੁਰਾਂਡ ਨਾਲ !!

ਦਲਾਲੀਆਂ ਵਾਲੀ ਕਬਰ ਦੇ ਨਵੇਂ ਨਵੇਂ ਸ਼ਰਧਾਲੂ ਬਣੇ ਇਸ 'ਸਿੱਖ ਪ੍ਰਚਾਰ' ਦੀ ਮਿਸਾਲ ਸੁਣਨ ਨੂੰ ਮਿਲ ਗਈ ! ਹੁਣ ਤਾਂ ਖ਼ੁਦ ਸਾਡੇ ਨਾਲ ਪੰਜੋਂ ਪੀਹਰੀ ਬੋਲੀਆਂ ਕਰ ਮੈਂਦਾ ਰਕਬ ! ਪੁੱਛ ਮੁੰਡੇ ਦੇ ਸਾਨੂੰ ਖੁਲੇ ਆ ਕੇ ਮੈਨੂੰ ਦੱਸੀਆਂ ! ਕਰੰਦਿਆ ਭਾਅ ਜੀ ਮੈਂ ਹੁਰਾਂਭਾਂ ਸੱਚ ਲੈ ਕੇ ਅਪਣੇ ਘਰ ਦਿਆਂ ਨੂੰ ਕਿਹਾ ਕਿ ਜਿਸ ਦਿਨ ਬਾਹਰ ਰੁਣੋ ਦੇ ਘਰ ਦੇ ਉੱਥੇ ਜਾਣ ਲੱਗਾ ਪਏ ਕੇ ਮੈਨੂੰ ਦੱਸਿਉ, ਮੈਂ ਵੀ ਲੜਨ ਲਈ ਜਾਇਆ ਕਰਾਂਗਾ ਹੁਰਾਂਡ ਨਾਲ !!

ਦਲਾਲੀਆਂ ਵਾਲੀ ਕਬਰ ਦੇ ਨਵੇਂ ਨਵੇਂ ਸ਼ਰਧਾਲੂ ਬਣੇ ਇਸ 'ਸਿੱਖ ਪ੍ਰਚਾਰ' ਦੀ ਮਿਸਾਲ ਸੁਣਨ ਨੂੰ ਮਿਲ ਗਈ ! ਹੁਣ ਤਾਂ ਖ਼ੁਦ ਸਾਡੇ ਨਾਲ ਪੰਜੋਂ ਪੀਹਰੀ ਬੋਲੀਆਂ ਕਰ ਮੈਂਦਾ ਰਕਬ ! ਪੁੱਛ ਮੁੰਡੇ ਦੇ ਸਾਨੂੰ ਖੁਲੇ ਆ ਕੇ ਮੈਨੂੰ ਦੱਸੀਆਂ ! ਕਰੰਦਿਆ ਭਾਅ ਜੀ ਮੈਂ ਹੁਰਾਂਭਾਂ ਸੱਚ ਲੈ ਕੇ ਅਪਣੇ ਘਰ ਦਿਆਂ ਨੂੰ ਕਿਹਾ ਕਿ ਜਿਸ ਦਿਨ ਬਾਹਰ ਰੁਣੋ ਦੇ ਘਰ ਦੇ ਉੱਥੇ ਜਾਣ ਲੱਗਾ ਪਏ ਕੇ ਮੈਨੂੰ ਦੱਸਿਉ, ਮੈਂ ਵੀ ਲੜਨ ਲਈ ਜਾਇਆ ਕਰਾਂਗਾ ਹੁਰਾਂਡ ਨਾਲ !!

ਦਲਾਲੀਆਂ ਵਾਲੀ ਕਬਰ ਦੇ ਨਵੇਂ ਨਵੇਂ ਸ਼ਰਧਾਲੂ ਬਣੇ ਇਸ 'ਸਿੱਖ ਪ੍ਰਚਾਰ' ਦੀ ਮਿਸਾਲ ਸੁਣਨ ਨੂੰ ਮਿਲ ਗਈ ! ਹੁਣ ਤਾਂ ਖ਼ੁਦ ਸਾਡੇ ਨਾਲ ਪੰਜੋਂ ਪੀਹਰੀ ਬੋਲੀਆਂ ਕਰ ਮੈਂਦਾ ਰਕਬ ! ਪੁੱਛ ਮੁੰਡੇ ਦੇ ਸਾਨੂੰ ਖੁਲੇ ਆ ਕੇ ਮੈਨੂੰ ਦੱਸੀਆਂ ! ਕਰੰਦਿਆ ਭਾਅ ਜੀ ਮੈਂ ਹੁਰਾਂਭਾਂ ਸੱਚ ਲੈ ਕੇ ਅਪਣੇ ਘਰ ਦਿਆਂ ਨੂੰ ਕਿਹਾ ਕਿ ਜਿਸ ਦਿਨ ਬਾਹਰ ਰੁਣੋ ਦੇ ਘਰ ਦੇ ਉੱਥੇ ਜਾਣ ਲੱਗਾ ਪਏ ਕੇ ਮੈਨੂੰ ਦੱਸਿਉ, ਮੈਂ ਵੀ ਲੜਨ ਲਈ ਜਾਇਆ ਕਰਾਂਗਾ ਹੁਰਾਂਡ ਨਾਲ !!

ਸੰਜਮ
8427791277
